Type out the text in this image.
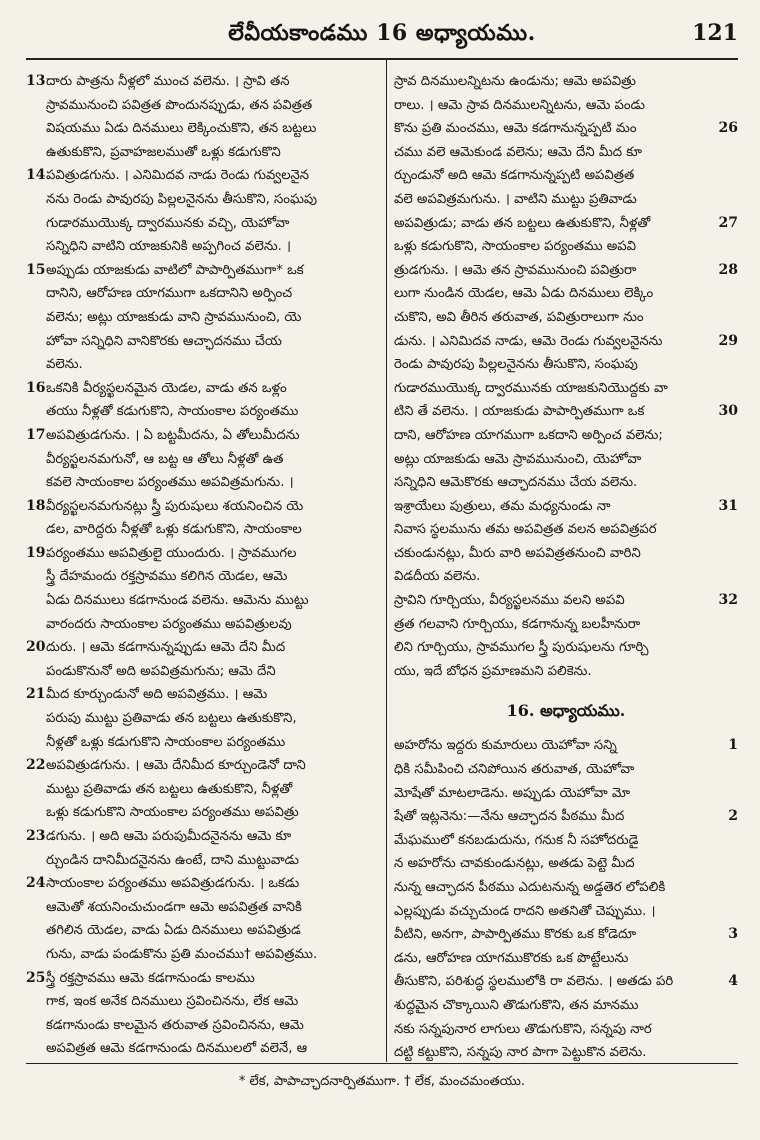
లేవీయకాండము 16 అధ్యాయము.	121
13 దారు పాత్రను నీళ్లలో ముంచ వలెను. । స్రావి తన
స్రావమునుంచి పవిత్రత పొందునప్పుడు, తన పవిత్రత
విషయము ఏడు దినములు లెక్కించుకొని, తన బట్టలు
ఉతుకుకొని, ప్రవాహజలముతో ఒళ్లు కడుగుకొని
14 పవిత్రుడగును. । ఎనిమిదవ నాడు రెండు గువ్వలనైన
నను రెండు పావురపు పిల్లలనైనను తీసుకొని, సంఘపు
గుడారముయొక్క ద్వారమునకు వచ్చి, యెహోవా
సన్నిధిని వాటిని యాజకునికి అప్పగించ వలెను. ।
15 అప్పుడు యాజకుడు వాటిలో పాపార్పితముగా* ఒక
దానిని, ఆరోహణ యాగముగా ఒకదానిని అర్పించ
వలెను; అట్లు యాజకుడు వాని స్రావమునుంచి, యె
హోవా సన్నిధిని వానికొరకు ఆచ్ఛాదనము చేయ
వలెను.
16 ఒకనికి వీర్యస్ఖలనమైన యెడల, వాడు తన ఒళ్లం
తయు నీళ్లతో కడుగుకొని, సాయంకాల పర్యంతము
17 అపవిత్రుడగును. । ఏ బట్టమీదను, ఏ తోలుమీదను
వీర్యస్ఖలనమగునో, ఆ బట్ట ఆ తోలు నీళ్లతో ఉత
కవలె సాయంకాల పర్యంతము అపవిత్రమగును. ।
18 వీర్యస్ఖలనమగునట్లు స్త్రీ పురుషులు శయనించిన యె
డల, వారిద్దరు నీళ్లతో ఒళ్లు కడుగుకొని, సాయంకాల
19 పర్యంతము అపవిత్రులై యుందురు. । స్రావముగల
స్త్రీ దేహమందు రక్తస్రావము కలిగిన యెడల, ఆమె
ఏడు దినములు కడగానుండ వలెను. ఆమెను ముట్టు
వారందరు సాయంకాల పర్యంతము అపవిత్రులవు
20 దురు. । ఆమె కడగానున్నప్పుడు ఆమె దేని మీద
పండుకొనునో అది అపవిత్రమగును; ఆమె దేని
21 మీద కూర్చుండునో అది అపవిత్రము. । ఆమె
పరుపు ముట్టు ప్రతివాడు తన బట్టలు ఉతుకుకొని,
నీళ్లతో ఒళ్లు కడుగుకొని సాయంకాల పర్యంతము
22 అపవిత్రుడగును. । ఆమె దేనిమీద కూర్చుండెనో దాని
ముట్టు ప్రతివాడు తన బట్టలు ఉతుకుకొని, నీళ్లతో
ఒళ్లు కడుగుకొని సాయంకాల పర్యంతము అపవిత్రు
23 డగును. । అది ఆమె పరుపుమీదనైనను ఆమె కూ
ర్చుండిన దానిమీదనైనను ఉంటే, దాని ముట్టువాడు
24 సాయంకాల పర్యంతము అపవిత్రుడగును. । ఒకడు
ఆమెతో శయనించుచుండగా ఆమె అపవిత్రత వానికి
తగిలిన యెడల, వాడు ఏడు దినములు అపవిత్రుడ
గును, వాడు పండుకొను ప్రతి మంచము† అపవిత్రము.
25 స్త్రీ రక్తస్రావము ఆమె కడగానుండు కాలము
గాక, ఇంక అనేక దినములు స్రవించినను, లేక ఆమె
కడగానుండు కాలమైన తరువాత స్రవించినను, ఆమె
అపవిత్రత ఆమె కడగానుండు దినములలో వలెనే, ఆ
స్రావ దినములన్నిటను ఉండును; ఆమె అపవిత్రు
రాలు. । ఆమె స్రావ దినములన్నిటను, ఆమె పండు
26
కొను ప్రతి మంచము, ఆమె కడగానున్నప్పటి మం
చము వలె ఆమెకుండ వలెను; ఆమె దేని మీద కూ
ర్చుండునో అది ఆమె కడగానున్నప్పటి అపవిత్రత
వలె అపవిత్రమగును. । వాటిని ముట్టు ప్రతివాడు
27
అపవిత్రుడు; వాడు తన బట్టలు ఉతుకుకొని, నీళ్లతో
ఒళ్లు కడుగుకొని, సాయంకాల పర్యంతము అపవి
28
త్రుడగును. । ఆమె తన స్రావమునుంచి పవిత్రురా
లుగా నుండిన యెడల, ఆమె ఏడు దినములు లెక్కిం
చుకొని, అవి తీరిన తరువాత, పవిత్రురాలుగా నుం
29
డును. । ఎనిమిదవ నాడు, ఆమె రెండు గువ్వలనైనను
రెండు పావురపు పిల్లలనైనను తీసుకొని, సంఘపు
గుడారముయొక్క ద్వారమునకు యాజకునియొద్దకు వా
30
టిని తే వలెను. । యాజకుడు పాపార్పితముగా ఒక
దాని, ఆరోహణ యాగముగా ఒకదాని అర్పించ వలెను;
అట్లు యాజకుడు ఆమె స్రావమునుంచి, యెహోవా
సన్నిధిని ఆమెకొరకు ఆచ్ఛాదనము చేయ వలెను.
31
ఇశ్రాయేలు పుత్రులు, తమ మధ్యనుండు నా
నివాస స్థలమును తమ అపవిత్రత వలన అపవిత్రపర
చకుండునట్లు, మీరు వారి అపవిత్రతనుంచి వారిని
విడదీయ వలెను.
32
స్రావిని గూర్చియు, వీర్యస్ఖలనము వలని అపవి
త్రత గలవాని గూర్చియు, కడగానున్న బలహీనురా
లిని గూర్చియు, స్రావముగల స్త్రీ పురుషులను గూర్చి
యు, ఇదే బోధన ప్రమాణమని పలికెను.
16. అధ్యాయము.
1
అహరోను ఇద్దరు కుమారులు యెహోవా సన్ని
ధికి సమీపించి చనిపోయిన తరువాత, యెహోవా
మోషేతో మాటలాడెను. అప్పుడు యెహోవా మో
2
షేతో ఇట్లనెను:—నేను ఆచ్ఛాదన పీఠము మీద
మేఘములో కనబడుదును, గనుక నీ సహోదరుడై
న అహరోను చావకుండునట్లు, అతడు పెట్టె మీద
నున్న ఆచ్ఛాదన పీఠము ఎదుటనున్న అడ్డతెర లోపలికి
ఎల్లప్పుడు వచ్చుచుండ రాదని అతనితో చెప్పుము. ।
3
వీటిని, అనగా, పాపార్పితము కొరకు ఒక కోడెదూ
డను, ఆరోహణ యాగముకొరకు ఒక పొట్టేలును
4
తీసుకొని, పరిశుద్ధ స్థలములోకి రా వలెను. । అతడు పరి
శుద్ధమైన చొక్కాయిని తొడుగుకొని, తన మానము
నకు సన్నపునార లాగులు తొడుగుకొని, సన్నపు నార
దట్టి కట్టుకొని, సన్నపు నార పాగా పెట్టుకొన వలెను.
* లేక, పాపాచ్ఛాదనార్పితముగా. † లేక, మంచమంతయు.
